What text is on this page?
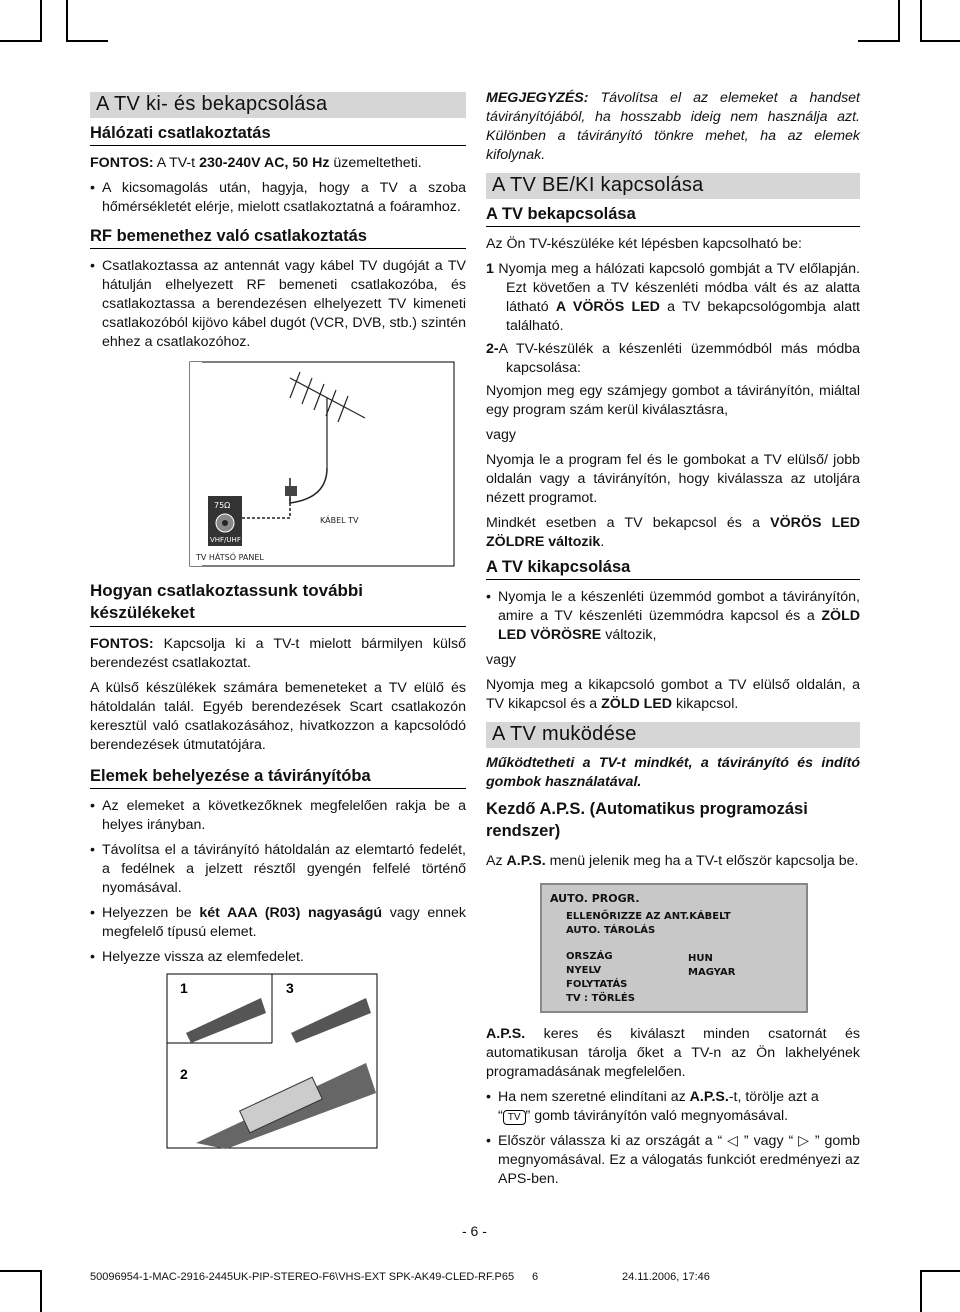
A TV ki- és bekapcsolása
Hálózati csatlakoztatás

FONTOS: A TV-t 230-240V AC, 50 Hz üzemeltetheti.

• A kicsomagolás után, hagyja, hogy a TV a szoba hőmérsékletét elérje, mielott csatlakoztatná a foáramhoz.
RF bemenethez való csatlakoztatás
• Csatlakoztassa az antennát vagy kábel TV dugóját a TV hátulján elhelyezett RF bemeneti csatlakozóba, és csatlakoztassa a berendezésen elhelyezett TV kimeneti csatlakozóból kijövo kábel dugót (VCR, DVB, stb.) szintén ehhez a csatlakozóhoz.
75Ω
VHF/UHF
KÁBEL TV
TV HÁTSÓ PANEL
Hogyan csatlakoztassunk további készülékeket

FONTOS: Kapcsolja ki a TV-t mielott bármilyen külső berendezést csatlakoztat.

A külső készülékek számára bemeneteket a TV elülő és hátoldalán talál. Egyéb berendezések Scart csatlakozón keresztül való csatlakozásához, hivatkozzon a kapcsolódó berendezések útmutatójára.

Elemek behelyezése a távirányítóba
• Az elemeket a következőknek megfelelően rakja be a helyes irányban.
• Távolítsa el a távirányító hátoldalán az elemtartó fedelét, a fedélnek a jelzett résztől gyengén felfelé történő nyomásával.
• Helyezzen be két AAA (R03) nagyaságú vagy ennek megfelelő típusú elemet.
• Helyezze vissza az elemfedelet.
1	3
2

MEGJEGYZÉS: Távolítsa el az elemeket a handset távirányítójából, ha hosszabb ideig nem használja azt. Különben a távirányító tönkre mehet, ha az elemek kifolynak.

A TV BE/KI kapcsolása
A TV bekapcsolása

Az Ön TV-készüléke két lépésben kapcsolható be:

1 Nyomja meg a hálózati kapcsoló gombját a TV előlapján. Ezt követően a TV készenléti módba vált és az alatta látható A VÖRÖS LED a TV bekapcsológombja alatt található.

2-A TV-készülék a készenléti üzemmódból más módba kapcsolása:

Nyomjon meg egy számjegy gombot a távirányítón, miáltal egy program szám kerül kiválasztásra,

vagy

Nyomja le a program fel és le gombokat a TV elülső/ jobb oldalán vagy a távirányítón, hogy kiválassza az utoljára nézett programot.

Mindkét esetben a TV bekapcsol és a VÖRÖS LED ZÖLDRE változik.

A TV kikapcsolása
• Nyomja le a készenléti üzemmód gombot a távirányítón, amire a TV készenléti üzemmódra kapcsol és a ZÖLD LED VÖRÖSRE változik,

vagy

Nyomja meg a kikapcsoló gombot a TV elülső oldalán, a TV kikapcsol és a ZÖLD LED kikapcsol.

A TV muködése

Működtetheti a TV-t mindkét, a távirányító és indító gombok használatával.

Kezdő A.P.S. (Automatikus programozási rendszer)

Az A.P.S. menü jelenik meg ha a TV-t először kapcsolja be.

AUTO. PROGR.
ELLENŐRIZZE AZ ANT.KÁBELT
AUTO. TÁROLÁS
ORSZÁG
NYELV
FOLYTATÁS
TV : TÖRLÉS
HUN
MAGYAR

A.P.S. keres és kiválaszt minden csatornát és automatikusan tárolja őket a TV-n az Ön lakhelyének programadásának megfelelően.

• Ha nem szeretné elindítani az A.P.S.-t, törölje azt a
“ TV ” gomb távirányítón való megnyomásával.
• Először válassza ki az országát a “ ◁ ” vagy “ ▷ ” gomb megnyomásával. Ez a válogatás funkciót eredményezi az APS-ben.
- 6 -
50096954-1-MAC-2916-2445UK-PIP-STEREO-F6\VHS-EXT SPK-AK49-CLED-RF.P65 6	24.11.2006, 17:46
